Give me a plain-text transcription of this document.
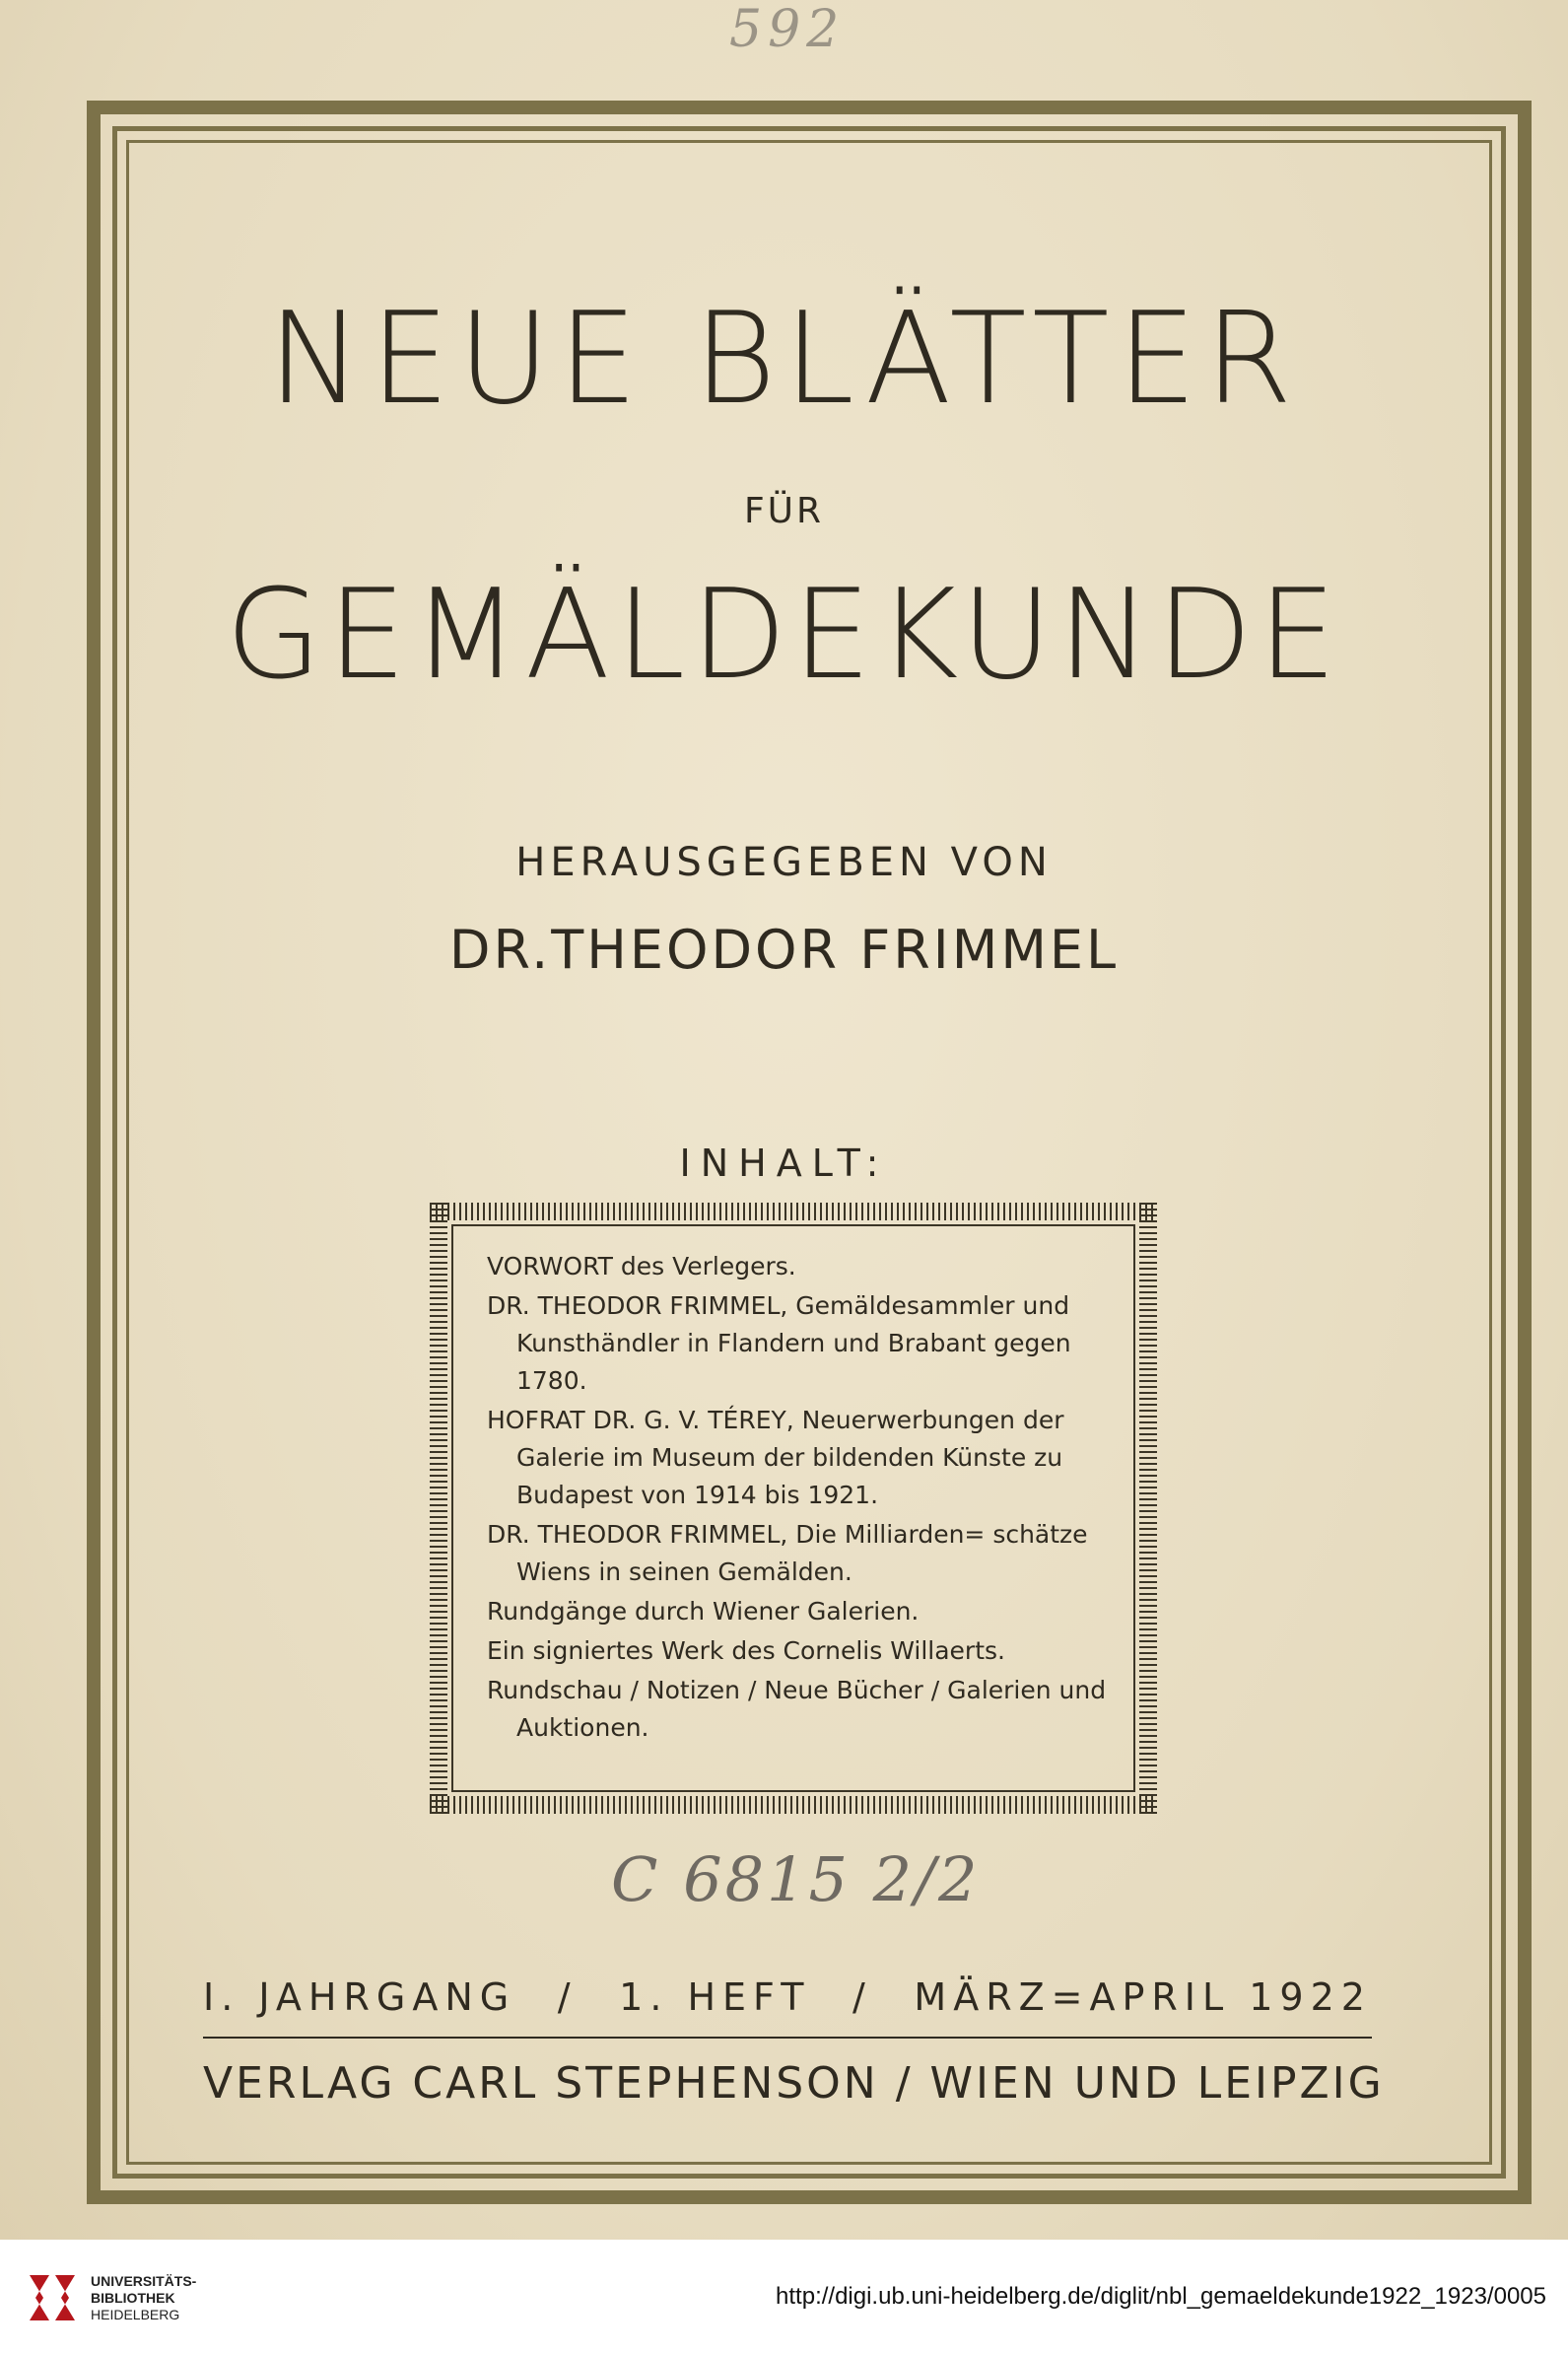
592
NEUE BLÄTTER
FÜR
GEMÄLDEKUNDE
HERAUSGEGEBEN VON
DR.THEODOR FRIMMEL
INHALT:
VORWORT des Verlegers.
DR. THEODOR FRIMMEL, Gemäldesammler und Kunsthändler in Flandern und Brabant gegen 1780.
HOFRAT DR. G. V. TÉREY, Neuerwerbungen der Galerie im Museum der bildenden Künste zu Budapest von 1914 bis 1921.
DR. THEODOR FRIMMEL, Die Milliarden= schätze Wiens in seinen Gemälden.
Rundgänge durch Wiener Galerien.
Ein signiertes Werk des Cornelis Willaerts.
Rundschau / Notizen / Neue Bücher / Galerien und Auktionen.
C 6815 2/2
I. JAHRGANG / 1. HEFT / MÄRZ=APRIL 1922
VERLAG CARL STEPHENSON / WIEN UND LEIPZIG
UNIVERSITÄTS-
BIBLIOTHEK
HEIDELBERG
http://digi.ub.uni-heidelberg.de/diglit/nbl_gemaeldekunde1922_1923/0005
